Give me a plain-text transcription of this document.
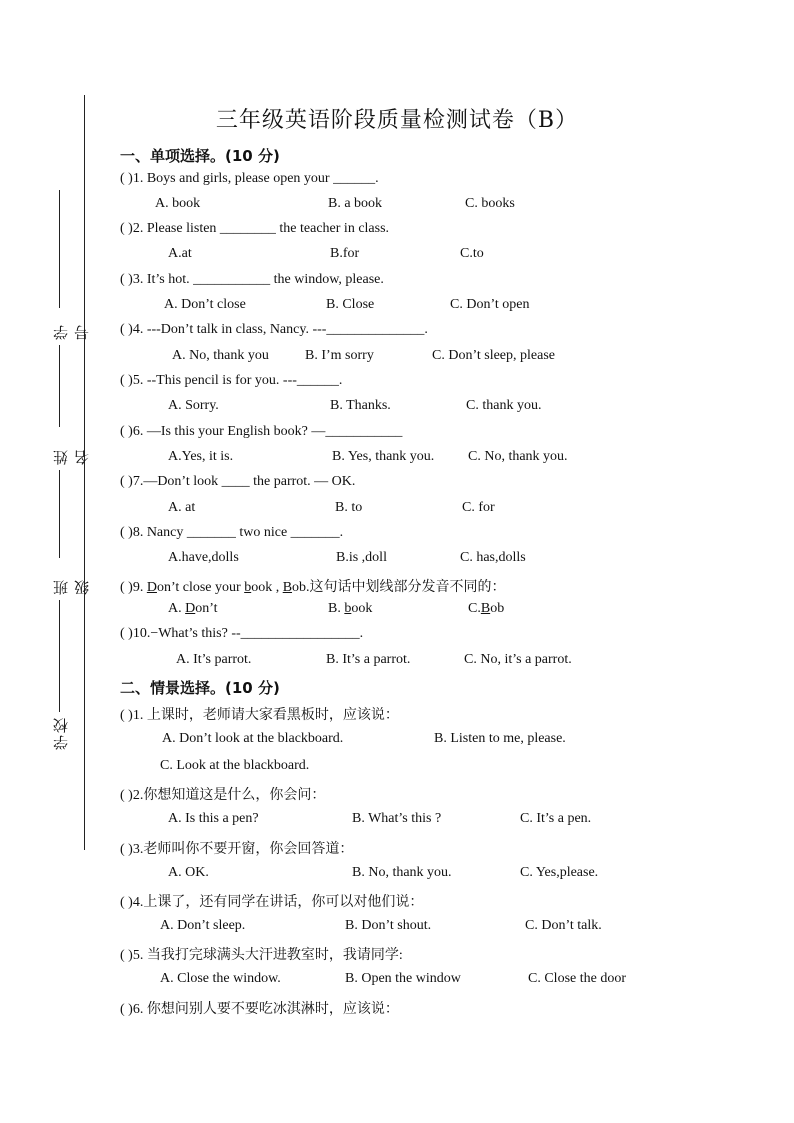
学号
姓名
班级
学校
三年级英语阶段质量检测试卷（B）
一、单项选择。(10 分)
( )1. Boys and girls, please open your ______.
A. book	B. a book	C. books
( )2. Please listen ________ the teacher in class.
A.at	B.for	C.to
( )3. It’s hot. ___________ the window, please.
A. Don’t close	B. Close	C. Don’t open
( )4. ---Don’t talk in class, Nancy. ---______________.
A. No, thank you	B. I’m sorry	C. Don’t sleep, please
( )5. --This pencil is for you. ---______.
A. Sorry.	B. Thanks.	C. thank you.
( )6. —Is this your English book? —___________
A.Yes, it is.	B. Yes, thank you. C. No, thank you.
( )7.—Don’t look ____ the parrot. — OK.
A. at	B. to	C. for
( )8. Nancy _______ two nice _______.
A.have,dolls	B.is ,doll	C. has,dolls
( )9. Don’t close your book , Bob.这句话中划线部分发音不同的：
A. Don’t	B. book	C.Bob
( )10.−What’s this? --_________________.
A. It’s parrot.	B. It’s a parrot.	C. No, it’s a parrot.
二、情景选择。(10 分)
( )1. 上课时，老师请大家看黑板时，应该说：
A. Don’t look at the blackboard.	B. Listen to me, please.
C. Look at the blackboard.
( )2.你想知道这是什么，你会问：
A. Is this a pen?	B. What’s this ?	C. It’s a pen.
( )3.老师叫你不要开窗，你会回答道：
A. OK.	B. No, thank you.	C. Yes,please.
( )4.上课了，还有同学在讲话，你可以对他们说：
A. Don’t sleep.	B. Don’t shout.	C. Don’t talk.
( )5. 当我打完球满头大汗进教室时，我请同学:
A. Close the window.	B. Open the window	C. Close the door
( )6. 你想问别人要不要吃冰淇淋时，应该说：
